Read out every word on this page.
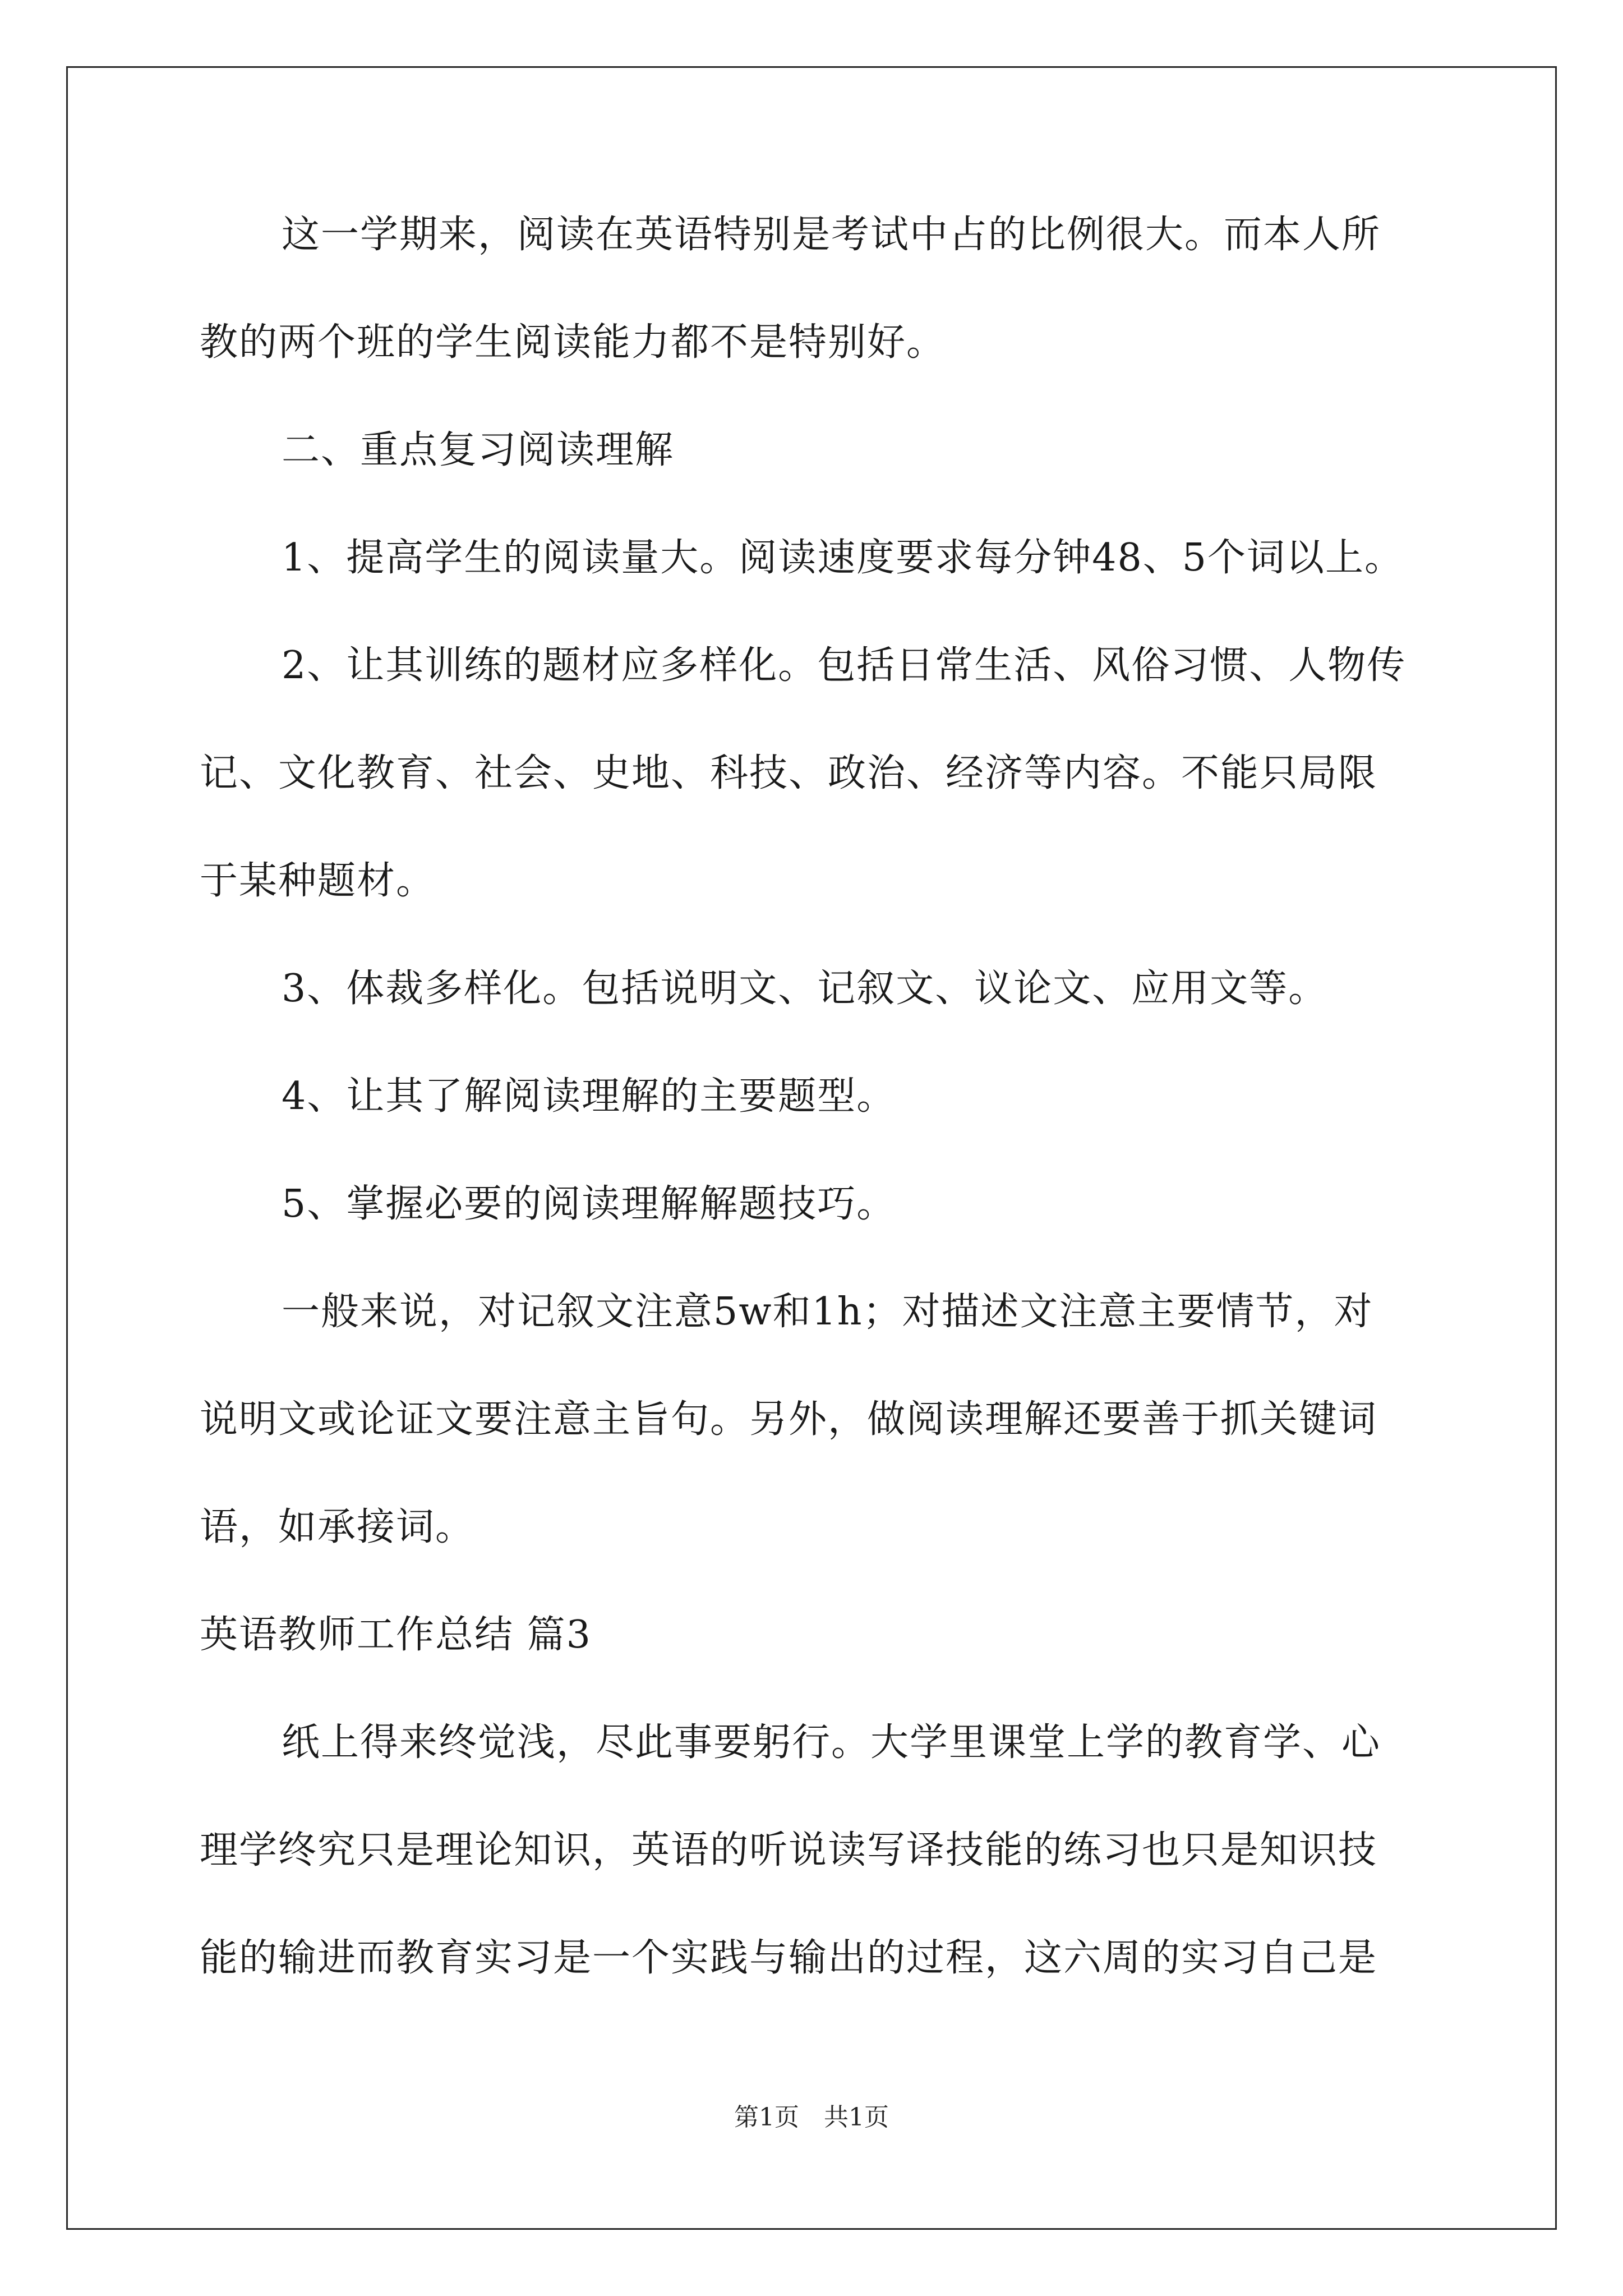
这一学期来，阅读在英语特别是考试中占的比例很大。而本人所
教的两个班的学生阅读能力都不是特别好。
二、重点复习阅读理解
1、提高学生的阅读量大。阅读速度要求每分钟48、5个词以上。
2、让其训练的题材应多样化。包括日常生活、风俗习惯、人物传
记、文化教育、社会、史地、科技、政治、经济等内容。不能只局限
于某种题材。
3、体裁多样化。包括说明文、记叙文、议论文、应用文等。
4、让其了解阅读理解的主要题型。
5、掌握必要的阅读理解解题技巧。
一般来说，对记叙文注意5w和1h；对描述文注意主要情节，对
说明文或论证文要注意主旨句。另外，做阅读理解还要善于抓关键词
语，如承接词。
英语教师工作总结 篇3
纸上得来终觉浅，尽此事要躬行。大学里课堂上学的教育学、心
理学终究只是理论知识，英语的听说读写译技能的练习也只是知识技
能的输进而教育实习是一个实践与输出的过程，这六周的实习自己是
第1页　共1页
